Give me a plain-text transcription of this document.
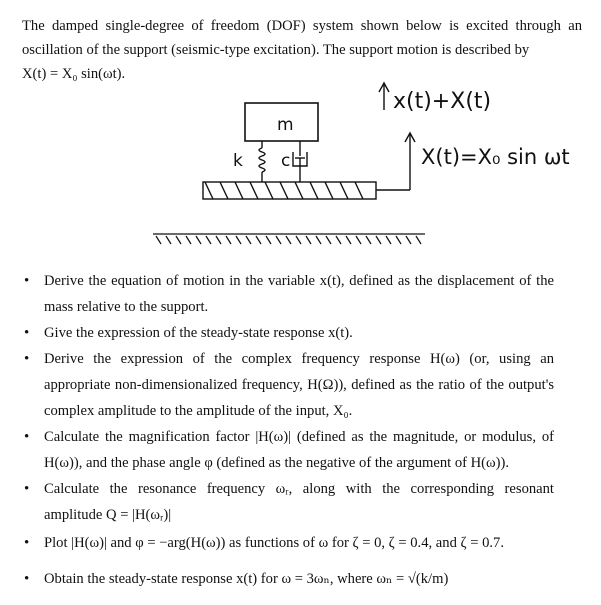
The damped single-degree of freedom (DOF) system shown below is excited through an oscillation of the support (seismic-type excitation). The support motion is described by
X(t) = X₀ sin(ωt).
m
k c	X(t)=X₀ sin ωt
x(t)+X(t)
• Derive the equation of motion in the variable x(t), defined as the displacement of the mass relative to the support.
• Give the expression of the steady-state response x(t).
• Derive the expression of the complex frequency response H(ω) (or, using an appropriate non-dimensionalized frequency, H(Ω)), defined as the ratio of the output's complex amplitude to the amplitude of the input, X₀.
• Calculate the magnification factor |H(ω)| (defined as the magnitude, or modulus, of H(ω)), and the phase angle φ (defined as the negative of the argument of H(ω)).
• Calculate the resonance frequency ωᵣ, along with the corresponding resonant amplitude Q = |H(ωᵣ)|
• Plot |H(ω)| and φ = −arg(H(ω)) as functions of ω for ζ = 0, ζ = 0.4, and ζ = 0.7.
• Obtain the steady-state response x(t) for ω = 3ωₙ, where ωₙ = √(k/m)
